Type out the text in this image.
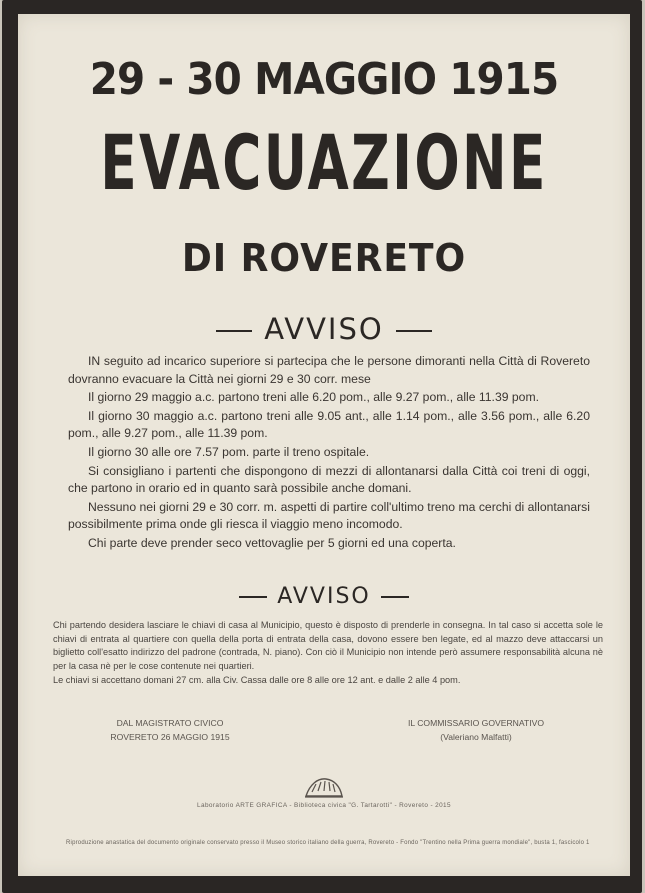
29 - 30 MAGGIO 1915
EVACUAZIONE
DI ROVERETO
AVVISO

IN seguito ad incarico superiore si partecipa che le persone dimoranti nella Città di Rovereto dovranno evacuare la Città nei giorni 29 e 30 corr. mese

Il giorno 29 maggio a.c. partono treni alle 6.20 pom., alle 9.27 pom., alle 11.39 pom.

Il giorno 30 maggio a.c. partono treni alle 9.05 ant., alle 1.14 pom., alle 3.56 pom., alle 6.20 pom., alle 9.27 pom., alle 11.39 pom.

Il giorno 30 alle ore 7.57 pom. parte il treno ospitale.

Si consigliano i partenti che dispongono di mezzi di allontanarsi dalla Città coi treni di oggi, che partono in orario ed in quanto sarà possibile anche domani.

Nessuno nei giorni 29 e 30 corr. m. aspetti di partire coll'ultimo treno ma cerchi di allontanarsi possibilmente prima onde gli riesca il viaggio meno incomodo.

Chi parte deve prender seco vettovaglie per 5 giorni ed una coperta.

AVVISO

Chi partendo desidera lasciare le chiavi di casa al Municipio, questo è disposto di prenderle in consegna. In tal caso si accetta sole le chiavi di entrata al quartiere con quella della porta di entrata della casa, dovono essere ben legate, ed al mazzo deve attaccarsi un biglietto coll'esatto indirizzo del padrone (contrada, N. piano). Con ciò il Municipio non intende però assumere responsabilità alcuna nè per la casa nè per le cose contenute nei quartieri.

Le chiavi si accettano domani 27 cm. alla Civ. Cassa dalle ore 8 alle ore 12 ant. e dalle 2 alle 4 pom.

DAL MAGISTRATO CIVICO
ROVERETO 26 MAGGIO 1915
IL COMMISSARIO GOVERNATIVO
(Valeriano Malfatti)
Laboratorio ARTE GRAFICA - Biblioteca civica "G. Tartarotti" - Rovereto - 2015
Riproduzione anastatica del documento originale conservato presso il Museo storico italiano della guerra, Rovereto - Fondo "Trentino nella Prima guerra mondiale", busta 1, fascicolo 1
